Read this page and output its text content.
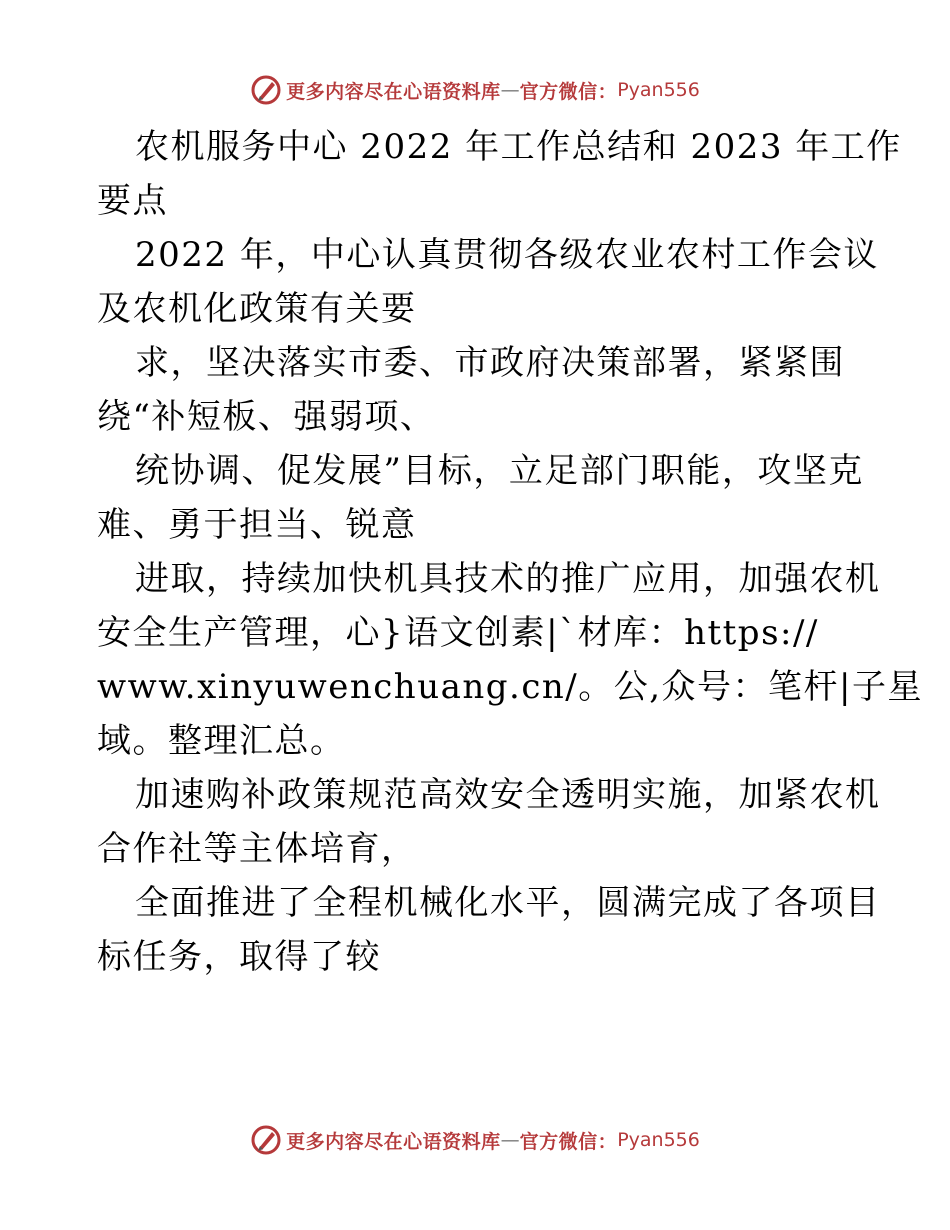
更多内容尽在心语资料库 — 官方微信： Pyan556
农机服务中心 2022 年工作总结和 2023 年工作
要点
2022 年，中心认真贯彻各级农业农村工作会议
及农机化政策有关要
求，坚决落实市委、市政府决策部署，紧紧围
绕“补短板、强弱项、
统协调、促发展”目标，立足部门职能，攻坚克
难、勇于担当、锐意
进取，持续加快机具技术的推广应用，加强农机
安全生产管理，心}语文创素|`材库：https://
www.xinyuwenchuang.cn/。公,众号：笔杆|子星
域。整理汇总。
加速购补政策规范高效安全透明实施，加紧农机
合作社等主体培育，
全面推进了全程机械化水平，圆满完成了各项目
标任务，取得了较
更多内容尽在心语资料库 — 官方微信： Pyan556
